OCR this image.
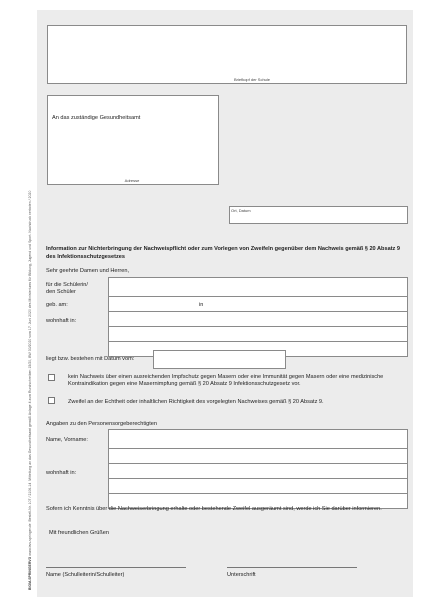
BIOM-SPRINGERVG www.bvs-springer.de  Bestell-Nr. 107 / 2106-14  Mitteilung an das Gesundheitsamt gemäß Anlage 4 zum Rundschreiben 15/20, BW 30/2020 vom 17. Juni 2020 des Ministeriums für Bildung, Jugend und Sport. Nachdruck verboten / 2020
Briefkopf der Schule
An das zuständige Gesundheitsamt
Adresse
Ort, Datum
Information zur Nichterbringung der Nachweispflicht oder zum Vorlegen von Zweifeln gegenüber dem Nachweis gemäß § 20 Absatz 9 des Infektionsschutzgesetzes
Sehr geehrte Damen und Herren,
für die Schülerin/
den Schüler
geb. am:
wohnhaft in:
in
liegt bzw. bestehen mit Datum vom:
kein Nachweis über einen ausreichenden Impfschutz gegen Masern oder eine Immunität gegen Masern oder eine medizinische Kontraindikation gegen eine Masernimpfung gemäß § 20 Absatz 9 Infektionsschutzgesetz vor.
Zweifel an der Echtheit oder inhaltlichen Richtigkeit des vorgelegten Nachweises gemäß § 20 Absatz 9.
Angaben zu den Personensorgeberechtigten
Name, Vorname:
wohnhaft in:
Sofern ich Kenntnis über die Nachweiserbringung erhalte oder bestehende Zweifel ausgeräumt sind, werde ich Sie darüber informieren.
Mit freundlichen Grüßen
Name (Schulleiterin/Schulleiter)	Unterschrift
